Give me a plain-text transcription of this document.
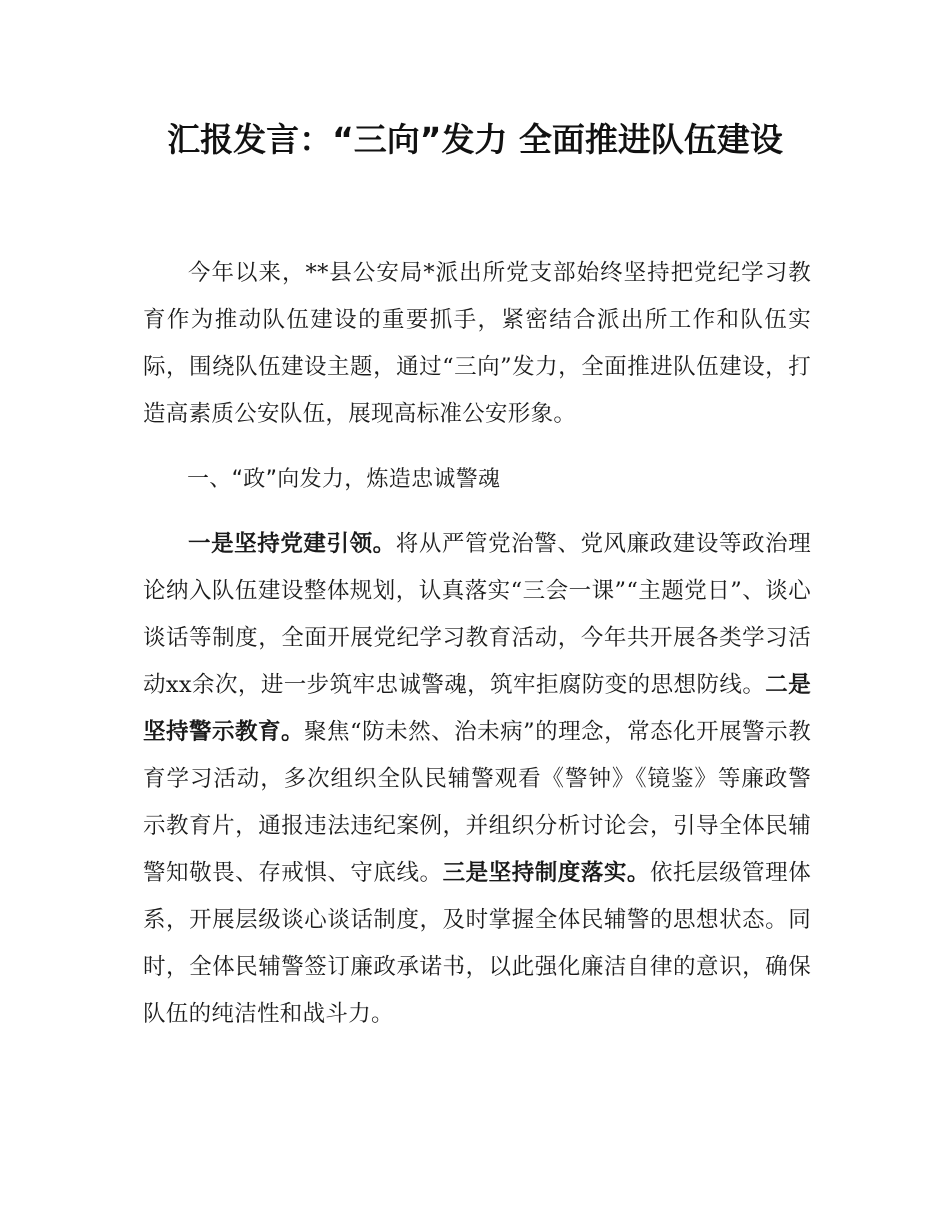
汇报发言：“三向”发力 全面推进队伍建设

今年以来，**县公安局*派出所党支部始终坚持把党纪学习教育作为推动队伍建设的重要抓手，紧密结合派出所工作和队伍实际，围绕队伍建设主题，通过“三向”发力，全面推进队伍建设，打造高素质公安队伍，展现高标准公安形象。

一、“政”向发力，炼造忠诚警魂

一是坚持党建引领。将从严管党治警、党风廉政建设等政治理论纳入队伍建设整体规划，认真落实“三会一课”“主题党日”、谈心谈话等制度，全面开展党纪学习教育活动，今年共开展各类学习活动xx余次，进一步筑牢忠诚警魂，筑牢拒腐防变的思想防线。二是坚持警示教育。聚焦“防未然、治未病”的理念，常态化开展警示教育学习活动，多次组织全队民辅警观看《警钟》《镜鉴》等廉政警示教育片，通报违法违纪案例，并组织分析讨论会，引导全体民辅警知敬畏、存戒惧、守底线。三是坚持制度落实。依托层级管理体系，开展层级谈心谈话制度，及时掌握全体民辅警的思想状态。同时，全体民辅警签订廉政承诺书，以此强化廉洁自律的意识，确保队伍的纯洁性和战斗力。
